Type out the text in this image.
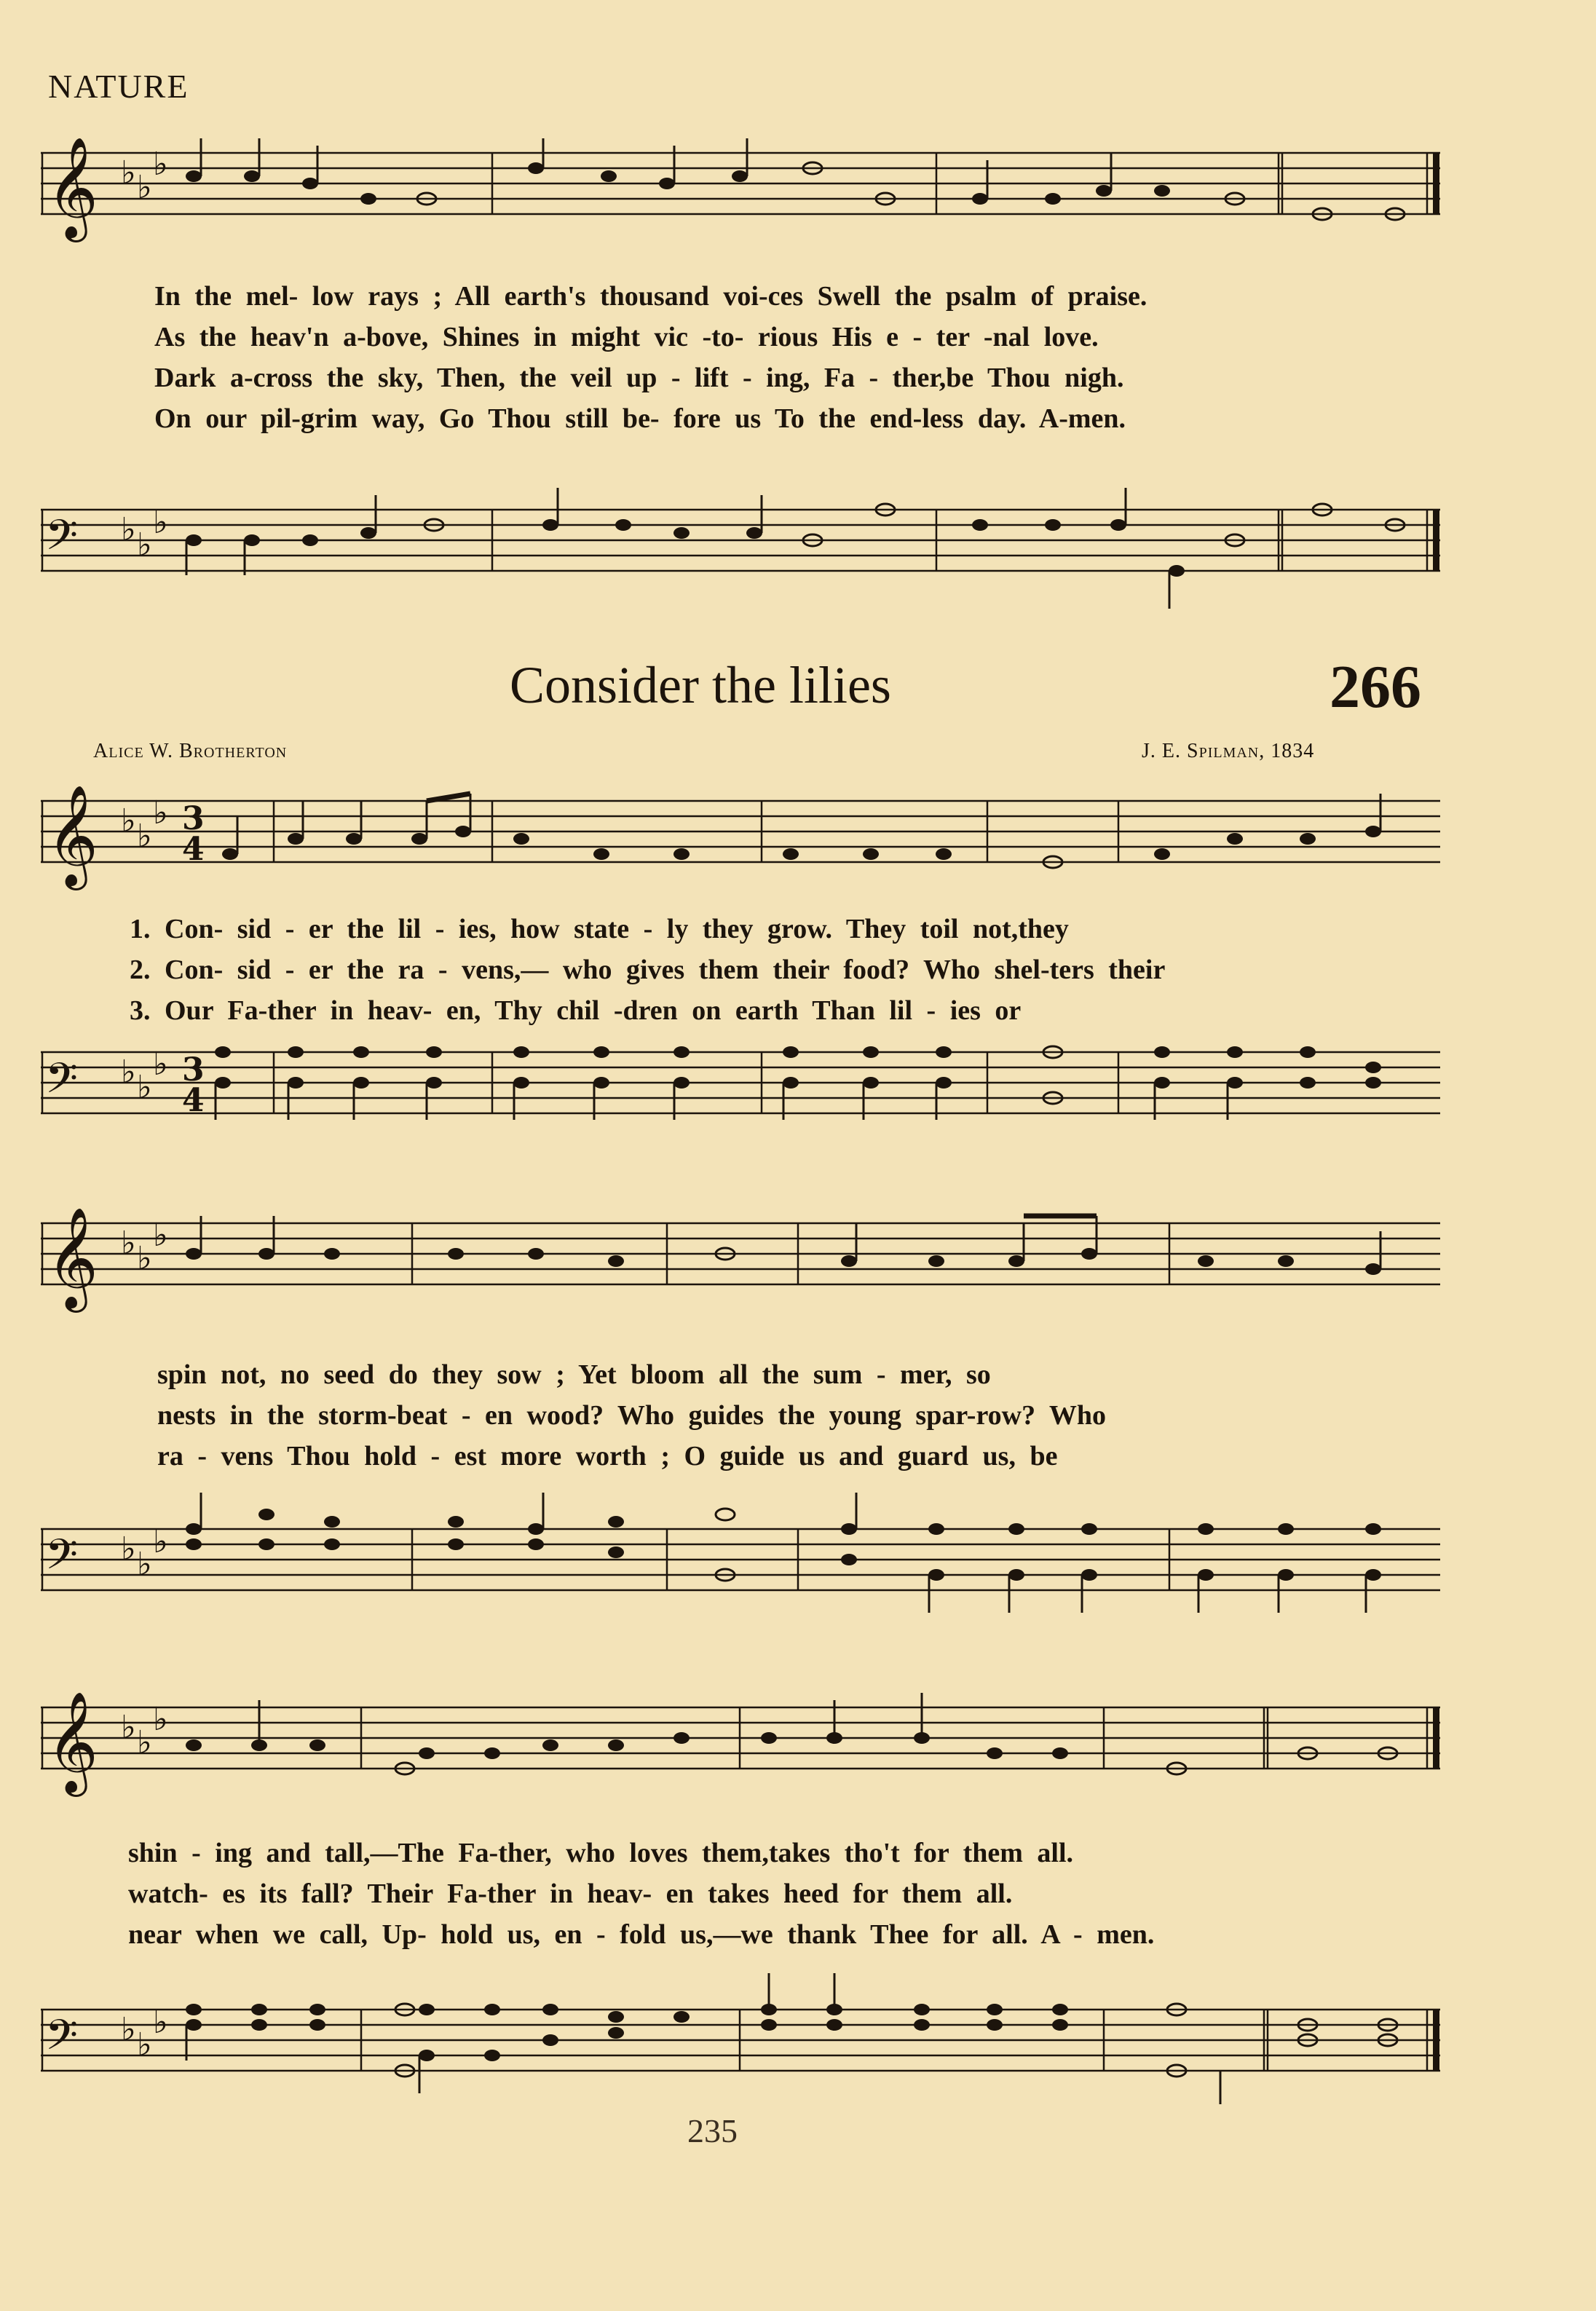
NATURE
𝄞 ♭ ♭
♭
In the mel- low rays ; All earth's thousand voi-ces Swell the psalm of praise.
As the heav'n a-bove, Shines in might vic -to- rious His e - ter -nal love.
Dark a-cross the sky, Then, the veil up - lift - ing, Fa - ther,be Thou nigh.
On our pil-grim way, Go Thou still be- fore us To the end-less day. A-men.
𝄢 ♭ ♭
♭
Consider the lilies	266
Alice W. Brotherton	J. E. Spilman, 1834
𝄞 ♭ ♭
♭ 3
4
1. Con- sid - er the lil - ies, how state - ly they grow. They toil not,they
2. Con- sid - er the ra - vens,— who gives them their food? Who shel-ters their
3. Our Fa-ther in heav- en, Thy chil -dren on earth Than lil - ies or
𝄢 ♭ ♭
♭ 3
4
𝄞 ♭ ♭
♭
spin not, no seed do they sow ; Yet bloom all the sum - mer, so
nests in the storm-beat - en wood? Who guides the young spar-row? Who
ra - vens Thou hold - est more worth ; O guide us and guard us, be
𝄢 ♭ ♭
♭
𝄞 ♭ ♭
♭
shin - ing and tall,—The Fa-ther, who loves them,takes tho't for them all.
watch- es its fall? Their Fa-ther in heav- en takes heed for them all.
near when we call, Up- hold us, en - fold us,—we thank Thee for all. A - men.
𝄢 ♭ ♭
♭
235
